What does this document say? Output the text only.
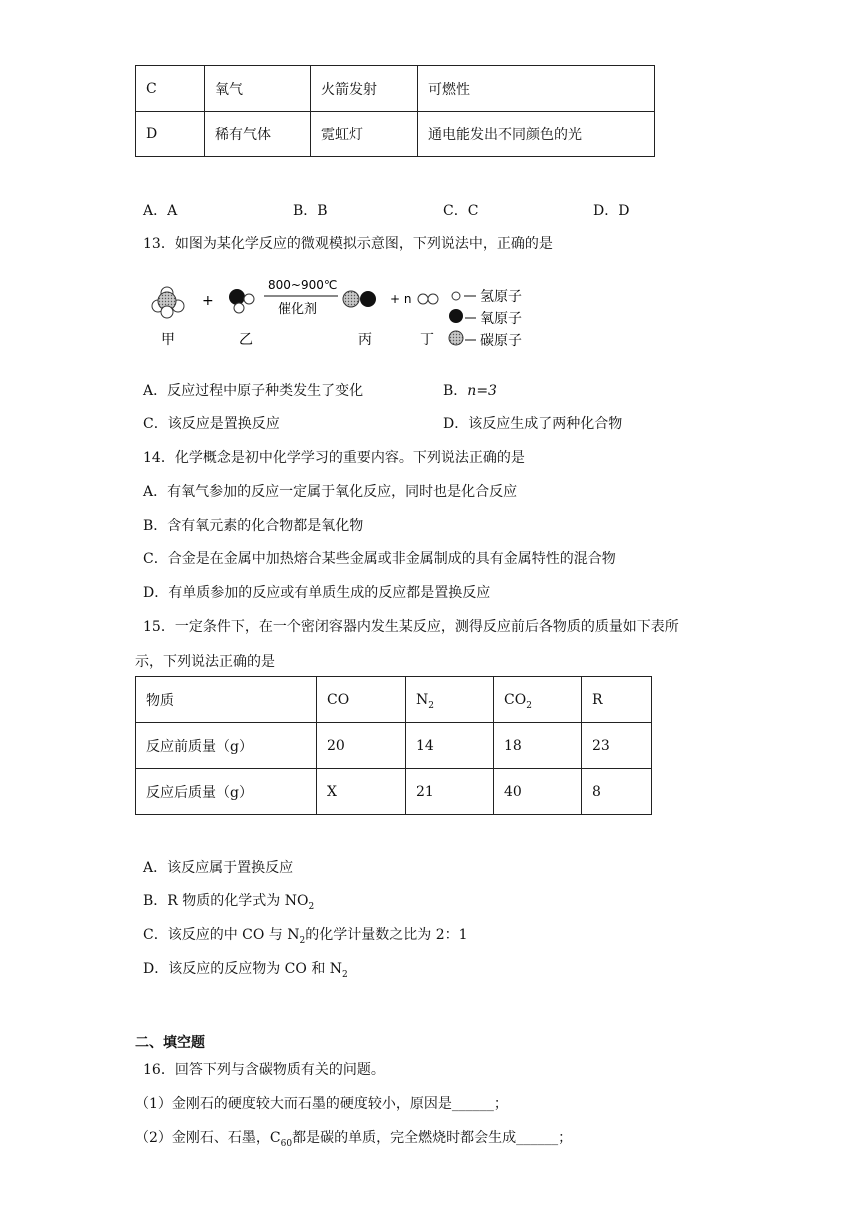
C	氧气	火箭发射	可燃性
D	稀有气体	霓虹灯	通电能发出不同颜色的光
A．A	B．B	C．C	D．D
13．如图为某化学反应的微观模拟示意图，下列说法中，正确的是
+
800~900℃
催化剂
+ n	氢原子
氧原子
碳原子
甲	乙	丙	丁
A．反应过程中原子种类发生了变化	B．n=3
C．该反应是置换反应	D．该反应生成了两种化合物
14．化学概念是初中化学学习的重要内容。下列说法正确的是
A．有氧气参加的反应一定属于氧化反应，同时也是化合反应
B．含有氧元素的化合物都是氧化物
C．合金是在金属中加热熔合某些金属或非金属制成的具有金属特性的混合物
D．有单质参加的反应或有单质生成的反应都是置换反应
15．一定条件下，在一个密闭容器内发生某反应，测得反应前后各物质的质量如下表所
示，下列说法正确的是
物质	CO	$N_2$	$CO_2$	R
反应前质量（g）	20	14	18	23
反应后质量（g）	X	21	40	8
A．该反应属于置换反应
B．R 物质的化学式为 $NO_2$
C．该反应的中 CO 与 $N_2$的化学计量数之比为 2：1
D．该反应的反应物为 CO 和 $N_2$
二、填空题
16．回答下列与含碳物质有关的问题。
（1）金刚石的硬度较大而石墨的硬度较小，原因是______；
（2）金刚石、石墨，$C_{60}$都是碳的单质，完全燃烧时都会生成______；
